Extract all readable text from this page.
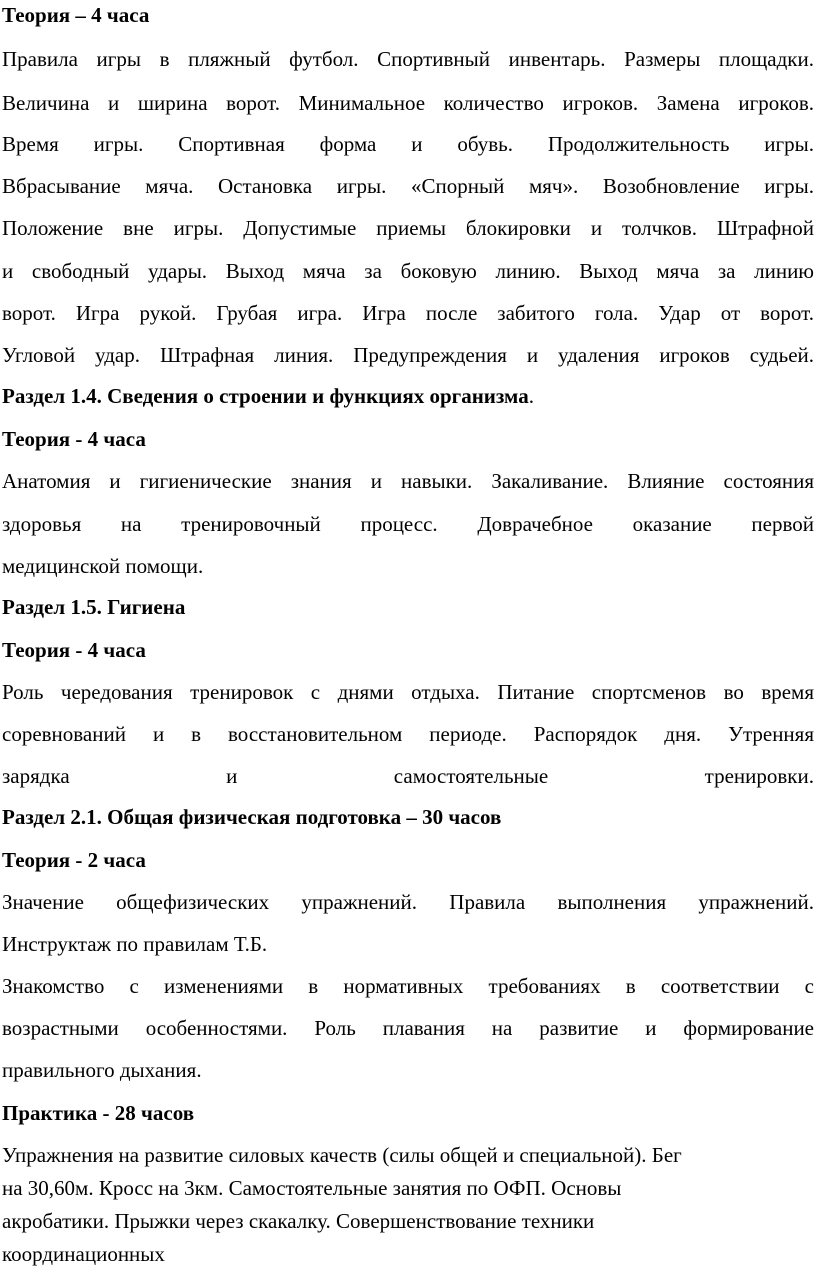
Теория – 4 часа
Правила игры в пляжный футбол. Спортивный инвентарь. Размеры площадки.
Величина и ширина ворот. Минимальное количество игроков. Замена игроков.
Время игры. Спортивная форма и обувь. Продолжительность игры.
Вбрасывание мяча. Остановка игры. «Спорный мяч». Возобновление игры.
Положение вне игры. Допустимые приемы блокировки и толчков. Штрафной
и свободный удары. Выход мяча за боковую линию. Выход мяча за линию
ворот. Игра рукой. Грубая игра. Игра после забитого гола. Удар от ворот.
Угловой удар. Штрафная линия. Предупреждения и удаления игроков судьей.
Раздел 1.4. Сведения о строении и функциях организма.
Теория - 4 часа
Анатомия и гигиенические знания и навыки. Закаливание. Влияние состояния
здоровья на тренировочный процесс. Доврачебное оказание первой
медицинской помощи.
Раздел 1.5. Гигиена
Теория - 4 часа
Роль чередования тренировок с днями отдыха. Питание спортсменов во время
соревнований и в восстановительном периоде. Распорядок дня. Утренняя
зарядка и самостоятельные тренировки.
Раздел 2.1. Общая физическая подготовка – 30 часов
Теория - 2 часа
Значение общефизических упражнений. Правила выполнения упражнений.
Инструктаж по правилам Т.Б.
Знакомство с изменениями в нормативных требованиях в соответствии с
возрастными особенностями. Роль плавания на развитие и формирование
правильного дыхания.
Практика - 28 часов
Упражнения на развитие силовых качеств (силы общей и специальной). Бег
на 30,60м. Кросс на 3км. Самостоятельные занятия по ОФП. Основы
акробатики. Прыжки через скакалку. Совершенствование техники
координационных
